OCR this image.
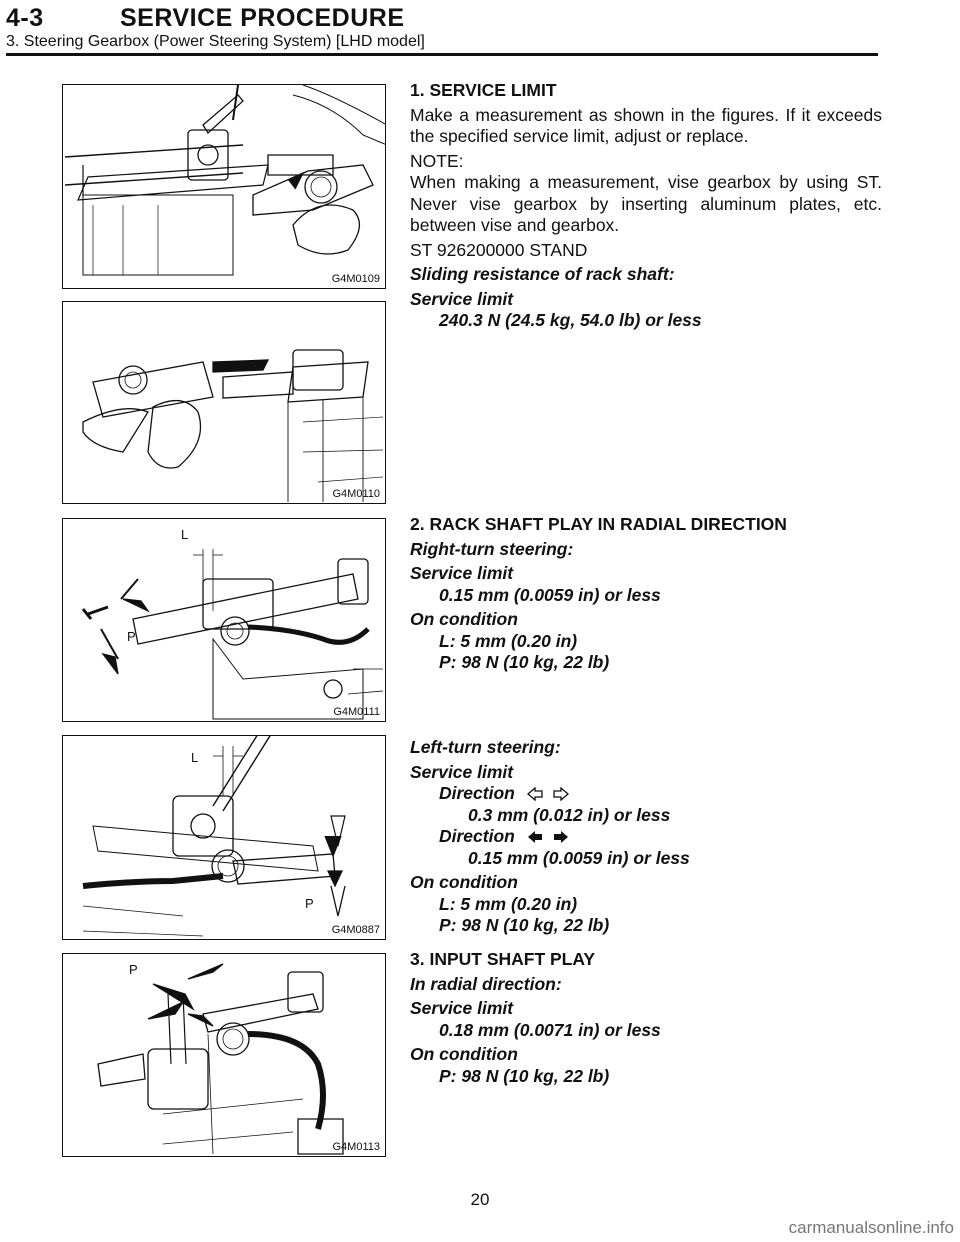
4-3	SERVICE PROCEDURE
3. Steering Gearbox (Power Steering System) [LHD model]
G4M0109
G4M0110
L
P
G4M0111
L
P
G4M0887
P
G4M0113

1. SERVICE LIMIT

Make a measurement as shown in the figures. If it exceeds the specified service limit, adjust or replace.

NOTE:

When making a measurement, vise gearbox by using ST. Never vise gearbox by inserting aluminum plates, etc. between vise and gearbox.

ST 926200000 STAND

Sliding resistance of rack shaft:

Service limit

240.3 N (24.5 kg, 54.0 lb) or less

2. RACK SHAFT PLAY IN RADIAL DIRECTION

Right-turn steering:

Service limit

0.15 mm (0.0059 in) or less

On condition

L: 5 mm (0.20 in)

P: 98 N (10 kg, 22 lb)

Left-turn steering:

Service limit

Direction

0.3 mm (0.012 in) or less

Direction

0.15 mm (0.0059 in) or less

On condition

L: 5 mm (0.20 in)

P: 98 N (10 kg, 22 lb)

3. INPUT SHAFT PLAY

In radial direction:

Service limit

0.18 mm (0.0071 in) or less

On condition

P: 98 N (10 kg, 22 lb)

20
carmanualsonline.info
